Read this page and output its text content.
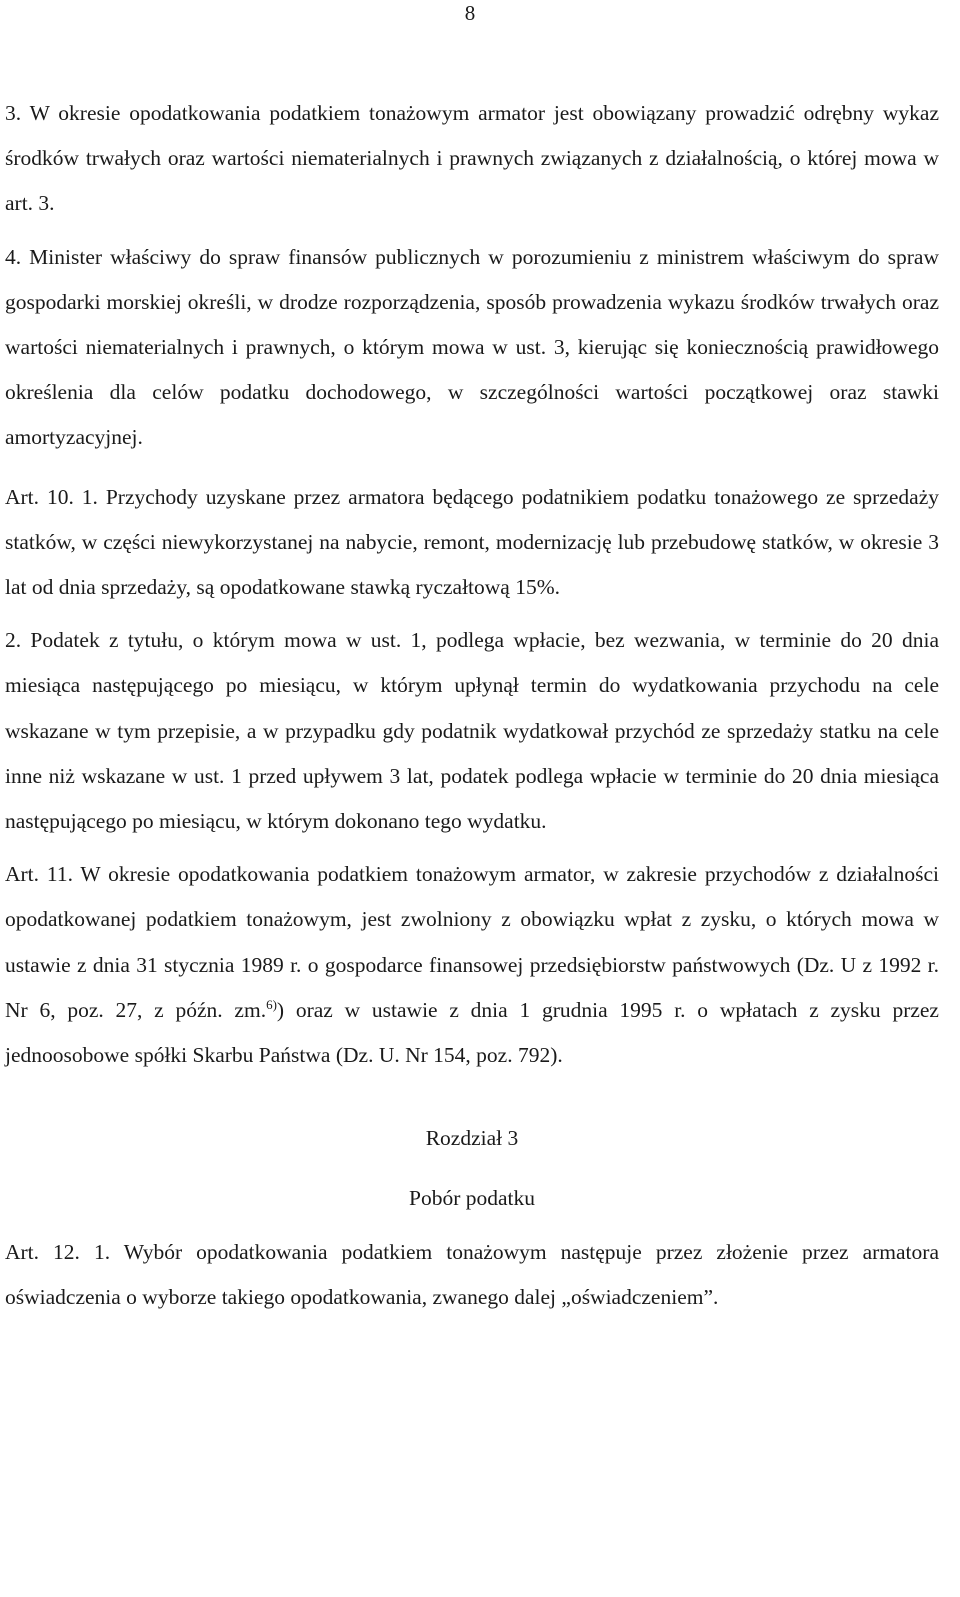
8

3. W okresie opodatkowania podatkiem tonażowym armator jest obowiązany prowadzić odrębny wykaz środków trwałych oraz wartości niematerialnych i prawnych związanych z działalnością, o której mowa w art. 3.

4. Minister właściwy do spraw finansów publicznych w porozumieniu z ministrem właściwym do spraw gospodarki morskiej określi, w drodze rozporządzenia, sposób prowadzenia wykazu środków trwałych oraz wartości niematerialnych i prawnych, o którym mowa w ust. 3, kierując się koniecznością prawidłowego określenia dla celów podatku dochodowego, w szczególności wartości początkowej oraz stawki amortyzacyjnej.

Art. 10. 1. Przychody uzyskane przez armatora będącego podatnikiem podatku tonażowego ze sprzedaży statków, w części niewykorzystanej na nabycie, remont, modernizację lub przebudowę statków, w okresie 3 lat od dnia sprzedaży, są opodatkowane stawką ryczałtową 15%.

2. Podatek z tytułu, o którym mowa w ust. 1, podlega wpłacie, bez wezwania, w terminie do 20 dnia miesiąca następującego po miesiącu, w którym upłynął termin do wydatkowania przychodu na cele wskazane w tym przepisie, a w przypadku gdy podatnik wydatkował przychód ze sprzedaży statku na cele inne niż wskazane w ust. 1 przed upływem 3 lat, podatek podlega wpłacie w terminie do 20 dnia miesiąca następującego po miesiącu, w którym dokonano tego wydatku.

Art. 11. W okresie opodatkowania podatkiem tonażowym armator, w zakresie przychodów z działalności opodatkowanej podatkiem tonażowym, jest zwolniony z obowiązku wpłat z zysku, o których mowa w ustawie z dnia 31 stycznia 1989 r. o gospodarce finansowej przedsiębiorstw państwowych (Dz. U z 1992 r. Nr 6, poz. 27, z późn. zm.$^{6)}$) oraz w ustawie z dnia 1 grudnia 1995 r. o wpłatach z zysku przez jednoosobowe spółki Skarbu Państwa (Dz. U. Nr 154, poz. 792).

Rozdział 3

Pobór podatku

Art. 12. 1. Wybór opodatkowania podatkiem tonażowym następuje przez złożenie przez armatora oświadczenia o wyborze takiego opodatkowania, zwanego dalej „oświadczeniem”.
